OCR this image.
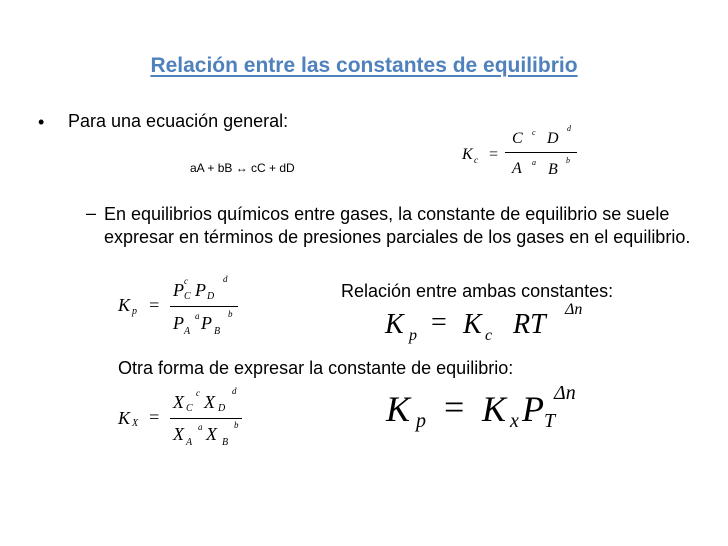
Relación entre las constantes de equilibrio
• Para una ecuación general:
aA + bB ↔ cC + dD
K c =
C c D
d
A a B
b
– En equilibrios químicos entre gases, la constante de equilibrio se suele expresar en términos de presiones parciales de los gases en el equilibrio.
K p =
P C
c P D
d
P A
a P B
b
Relación entre ambas constantes:
K p = K c RT Δn
Otra forma de expresar la constante de equilibrio:
K X =
X C
c X D
d
X A
a X B
b	K p = K x P T
Δn
